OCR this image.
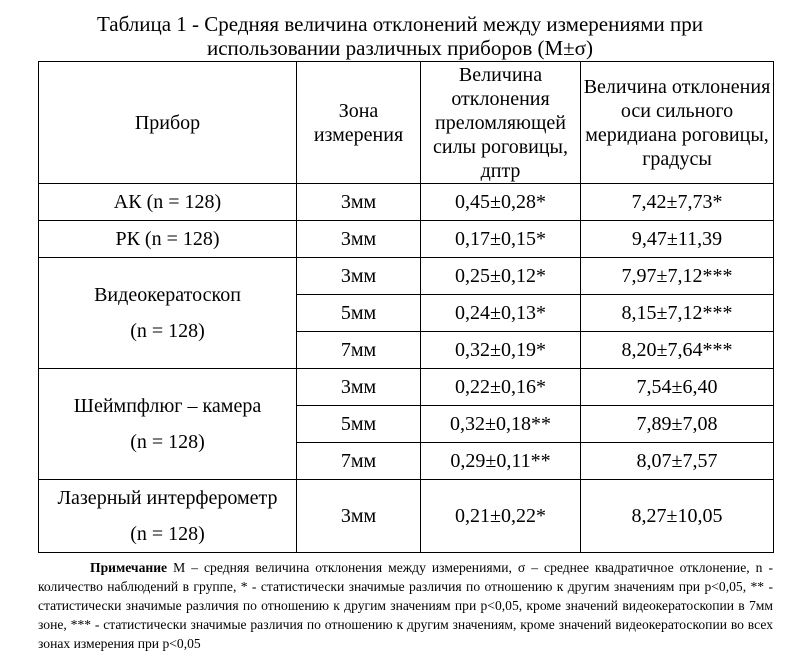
Таблица 1 - Средняя величина отклонений между измерениями при
использовании различных приборов (M±σ)
Прибор	Зона измерения	Величина отклонения преломляющей силы роговицы, дптр	Величина отклонения оси сильного меридиана роговицы, градусы
АК (n = 128)	3мм	0,45±0,28*	7,42±7,73*
РК (n = 128)	3мм	0,17±0,15*	9,47±11,39

Видеокератоскоп
(n = 128)	3мм	0,25±0,12*	7,97±7,12***
	5мм	0,24±0,13*	8,15±7,12***
	7мм	0,32±0,19*	8,20±7,64***

Шеймпфлюг – камера
(n = 128)	3мм	0,22±0,16*	7,54±6,40
	5мм	0,32±0,18**	7,89±7,08
	7мм	0,29±0,11**	8,07±7,57

Лазерный интерферометр
(n = 128)	3мм	0,21±0,22*	8,27±10,05
Примечание M – средняя величина отклонения между измерениями, σ – среднее квадратичное отклонение, n - количество наблюдений в группе, * - статистически значимые различия по отношению к другим значениям при p<0,05, ** - статистически значимые различия по отношению к другим значениям при p<0,05, кроме значений видеокератоскопии в 7мм зоне, *** - статистически значимые различия по отношению к другим значениям, кроме значений видеокератоскопии во всех зонах измерения при p<0,05
